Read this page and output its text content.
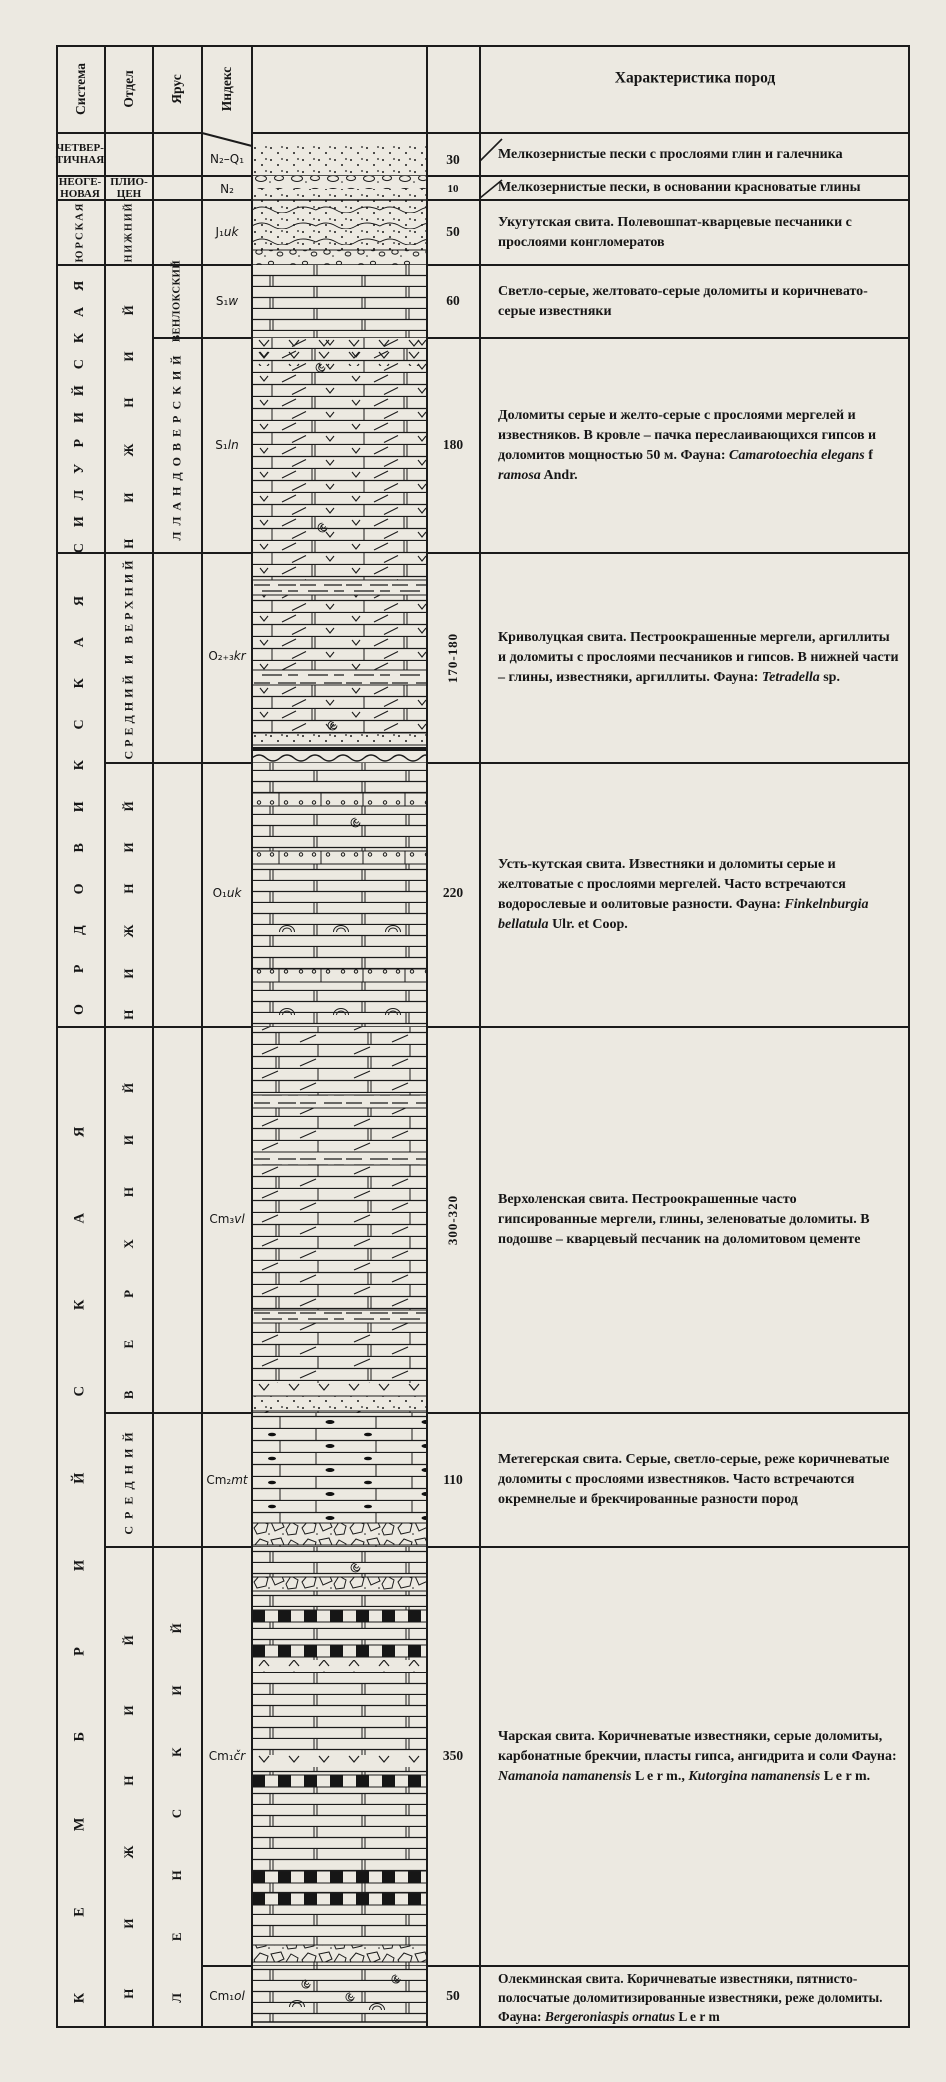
Система Отдел Ярус	Индекс	Характеристика пород
ЧЕТВЕР-
ТИЧНАЯ
НЕОГЕ-
НОВАЯ
ЮРСКАЯ
СИЛУРИЙСКАЯ
ОРДОВИКСКАЯ
КЕМБРИЙСКАЯ
ПЛИО-
ЦЕН
НИЖНИЙ
НИЖНИЙ
СРЕДНИЙ И ВЕРХНИЙ
НИЖНИЙ
ВЕРХНИЙ
СРЕДНИЙ
НИЖНИЙ
ВЕНЛОКСКИЙ
ЛЛАНДОВЕРСКИЙ
ЛЕНСКИЙ
N₂–Q₁
N₂
J₁uk
S₁w
S₁ln
O₂₊₃kr
O₁uk
Cm₃vl
Cm₂mt
Cm₁čr
Cm₁ol
30
10
50
60
180
170-180
220
300-320
110
350
50

Мелкозернистые пески с прослоями глин и галечника

Мелкозернистые пески, в основании красноватые глины

Укугутская свита. Полевошпат-кварцевые песчаники с прослоями конгломератов

Светло-серые, желтовато-серые доломиты и коричневато-серые известняки

Доломиты серые и желто-серые с прослоями мергелей и известняков. В кровле – пачка переслаивающихся гипсов и доломитов мощностью 50 м. Фауна: Camarotoechia elegans f ramosa Andr.

Криволуцкая свита. Пестроокрашенные мергели, аргиллиты и доломиты с прослоями песчаников и гипсов. В нижней части – глины, известняки, аргиллиты. Фауна: Tetradella sp.

Усть-кутская свита. Известняки и доломиты серые и желтоватые с прослоями мергелей. Часто встречаются водорослевые и оолитовые разности. Фауна: Finkelnburgia bellatula Ulr. et Coop.

Верхоленская свита. Пестроокрашенные часто гипсированные мергели, глины, зеленоватые доломиты. В подошве – кварцевый песчаник на доломитовом цементе

Метегерская свита. Серые, светло-серые, реже коричневатые доломиты с прослоями известняков. Часто встречаются окремнелые и брекчированные разности пород

Чарская свита. Коричневатые известняки, серые доломиты, карбонатные брекчии, пласты гипса, ангидрита и соли Фауна: Namanoia namanensis L e r m., Kutorgina namanensis L e r m.

Олекминская свита. Коричневатые известняки, пятнисто-полосчатые доломитизированные известняки, реже доломиты. Фауна: Bergeroniaspis ornatus L e r m
